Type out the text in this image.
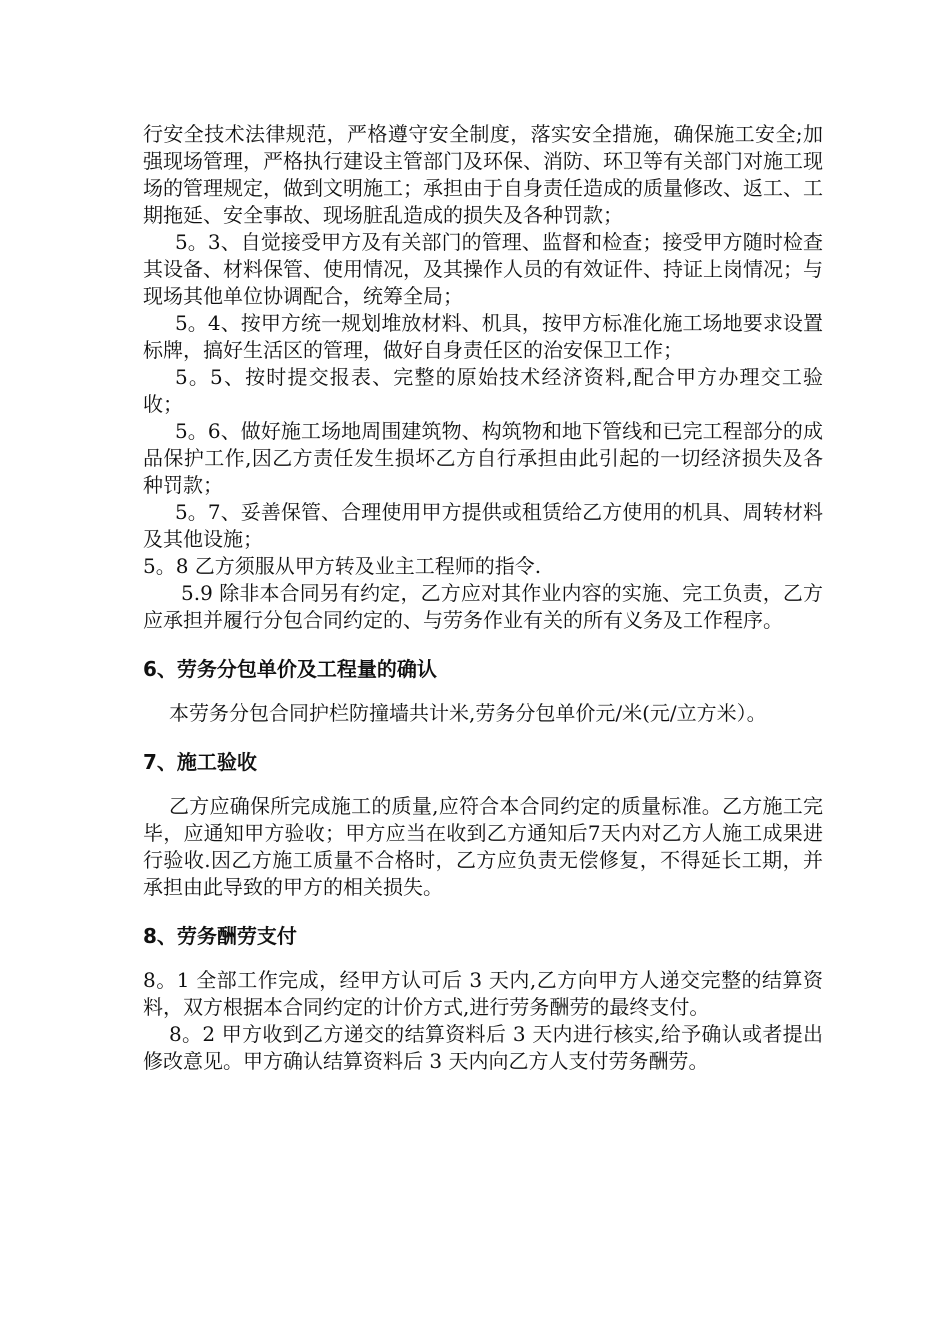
行安全技术法律规范，严格遵守安全制度，落实安全措施，确保施工安全;加强现场管理，严格执行建设主管部门及环保、消防、环卫等有关部门对施工现场的管理规定，做到文明施工；承担由于自身责任造成的质量修改、返工、工期拖延、安全事故、现场脏乱造成的损失及各种罚款；

5。3、自觉接受甲方及有关部门的管理、监督和检查；接受甲方随时检查其设备、材料保管、使用情况，及其操作人员的有效证件、持证上岗情况；与现场其他单位协调配合，统筹全局；

5。4、按甲方统一规划堆放材料、机具，按甲方标准化施工场地要求设置标牌，搞好生活区的管理，做好自身责任区的治安保卫工作；

5。5、按时提交报表、完整的原始技术经济资料,配合甲方办理交工验收；

5。6、做好施工场地周围建筑物、构筑物和地下管线和已完工程部分的成品保护工作,因乙方责任发生损坏乙方自行承担由此引起的一切经济损失及各种罚款；

5。7、妥善保管、合理使用甲方提供或租赁给乙方使用的机具、周转材料及其他设施；

5。8 乙方须服从甲方转及业主工程师的指令.

5.9 除非本合同另有约定，乙方应对其作业内容的实施、完工负责，乙方应承担并履行分包合同约定的、与劳务作业有关的所有义务及工作程序。

6、劳务分包单价及工程量的确认

本劳务分包合同护栏防撞墙共计米,劳务分包单价元/米(元/立方米）。

7、施工验收

乙方应确保所完成施工的质量,应符合本合同约定的质量标准。乙方施工完毕，应通知甲方验收；甲方应当在收到乙方通知后7天内对乙方人施工成果进行验收.因乙方施工质量不合格时，乙方应负责无偿修复，不得延长工期，并承担由此导致的甲方的相关损失。

8、劳务酬劳支付

8。1 全部工作完成，经甲方认可后 3 天内,乙方向甲方人递交完整的结算资料，双方根据本合同约定的计价方式,进行劳务酬劳的最终支付。

8。2 甲方收到乙方递交的结算资料后 3 天内进行核实,给予确认或者提出修改意见。甲方确认结算资料后 3 天内向乙方人支付劳务酬劳。
